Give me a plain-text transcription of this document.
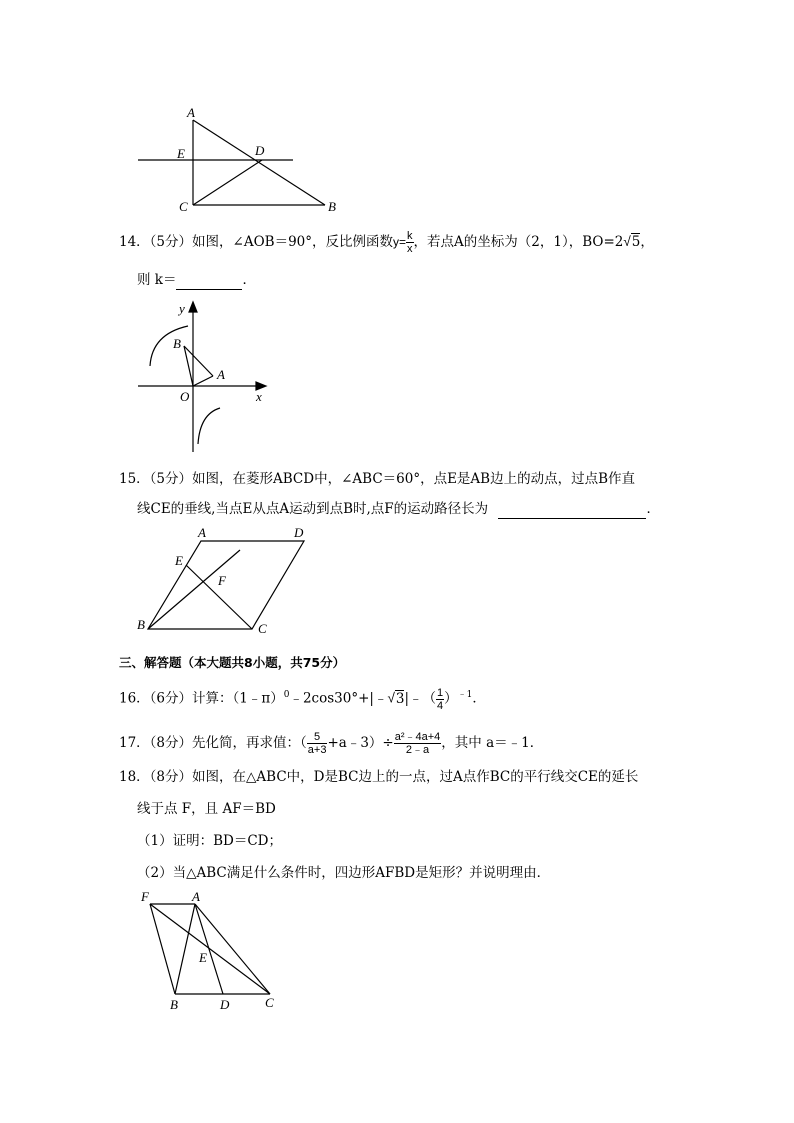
A
E	D
C	B
14．（5分）如图，∠AOB＝90°，反比例函数$y= \frac{k}{x}$ ，若点A的坐标为（2，1），BO=2√5，
则 k＝	．
y
B
A
O	x
15．（5分）如图，在菱形ABCD中，∠ABC＝60°，点E是AB边上的动点，过点B作直
线CE的垂线,当点E从点A运动到点B时,点F的运动路径长为	．
A	D
E
F
B	C
三、解答题（本大题共8小题，共75分）
16．（6分）计算：（1﹣π）$^0$﹣2cos30°+|﹣√3|﹣（ $\frac{1}{4} )^{﹣1}$．
17．（8分）先化简，再求值：（ $\frac{5}{a+3}$ +a﹣3）÷ $\frac{\text{a²﹣4a+4}}{2﹣a}$ ，其中 a＝﹣1．
18．（8分）如图，在△ABC中，D是BC边上的一点，过A点作BC的平行线交CE的延长
线于点 F，且 AF＝BD
（1）证明：BD＝CD；
（2）当△ABC满足什么条件时，四边形AFBD是矩形？并说明理由．
F	A
E
B	D	C
